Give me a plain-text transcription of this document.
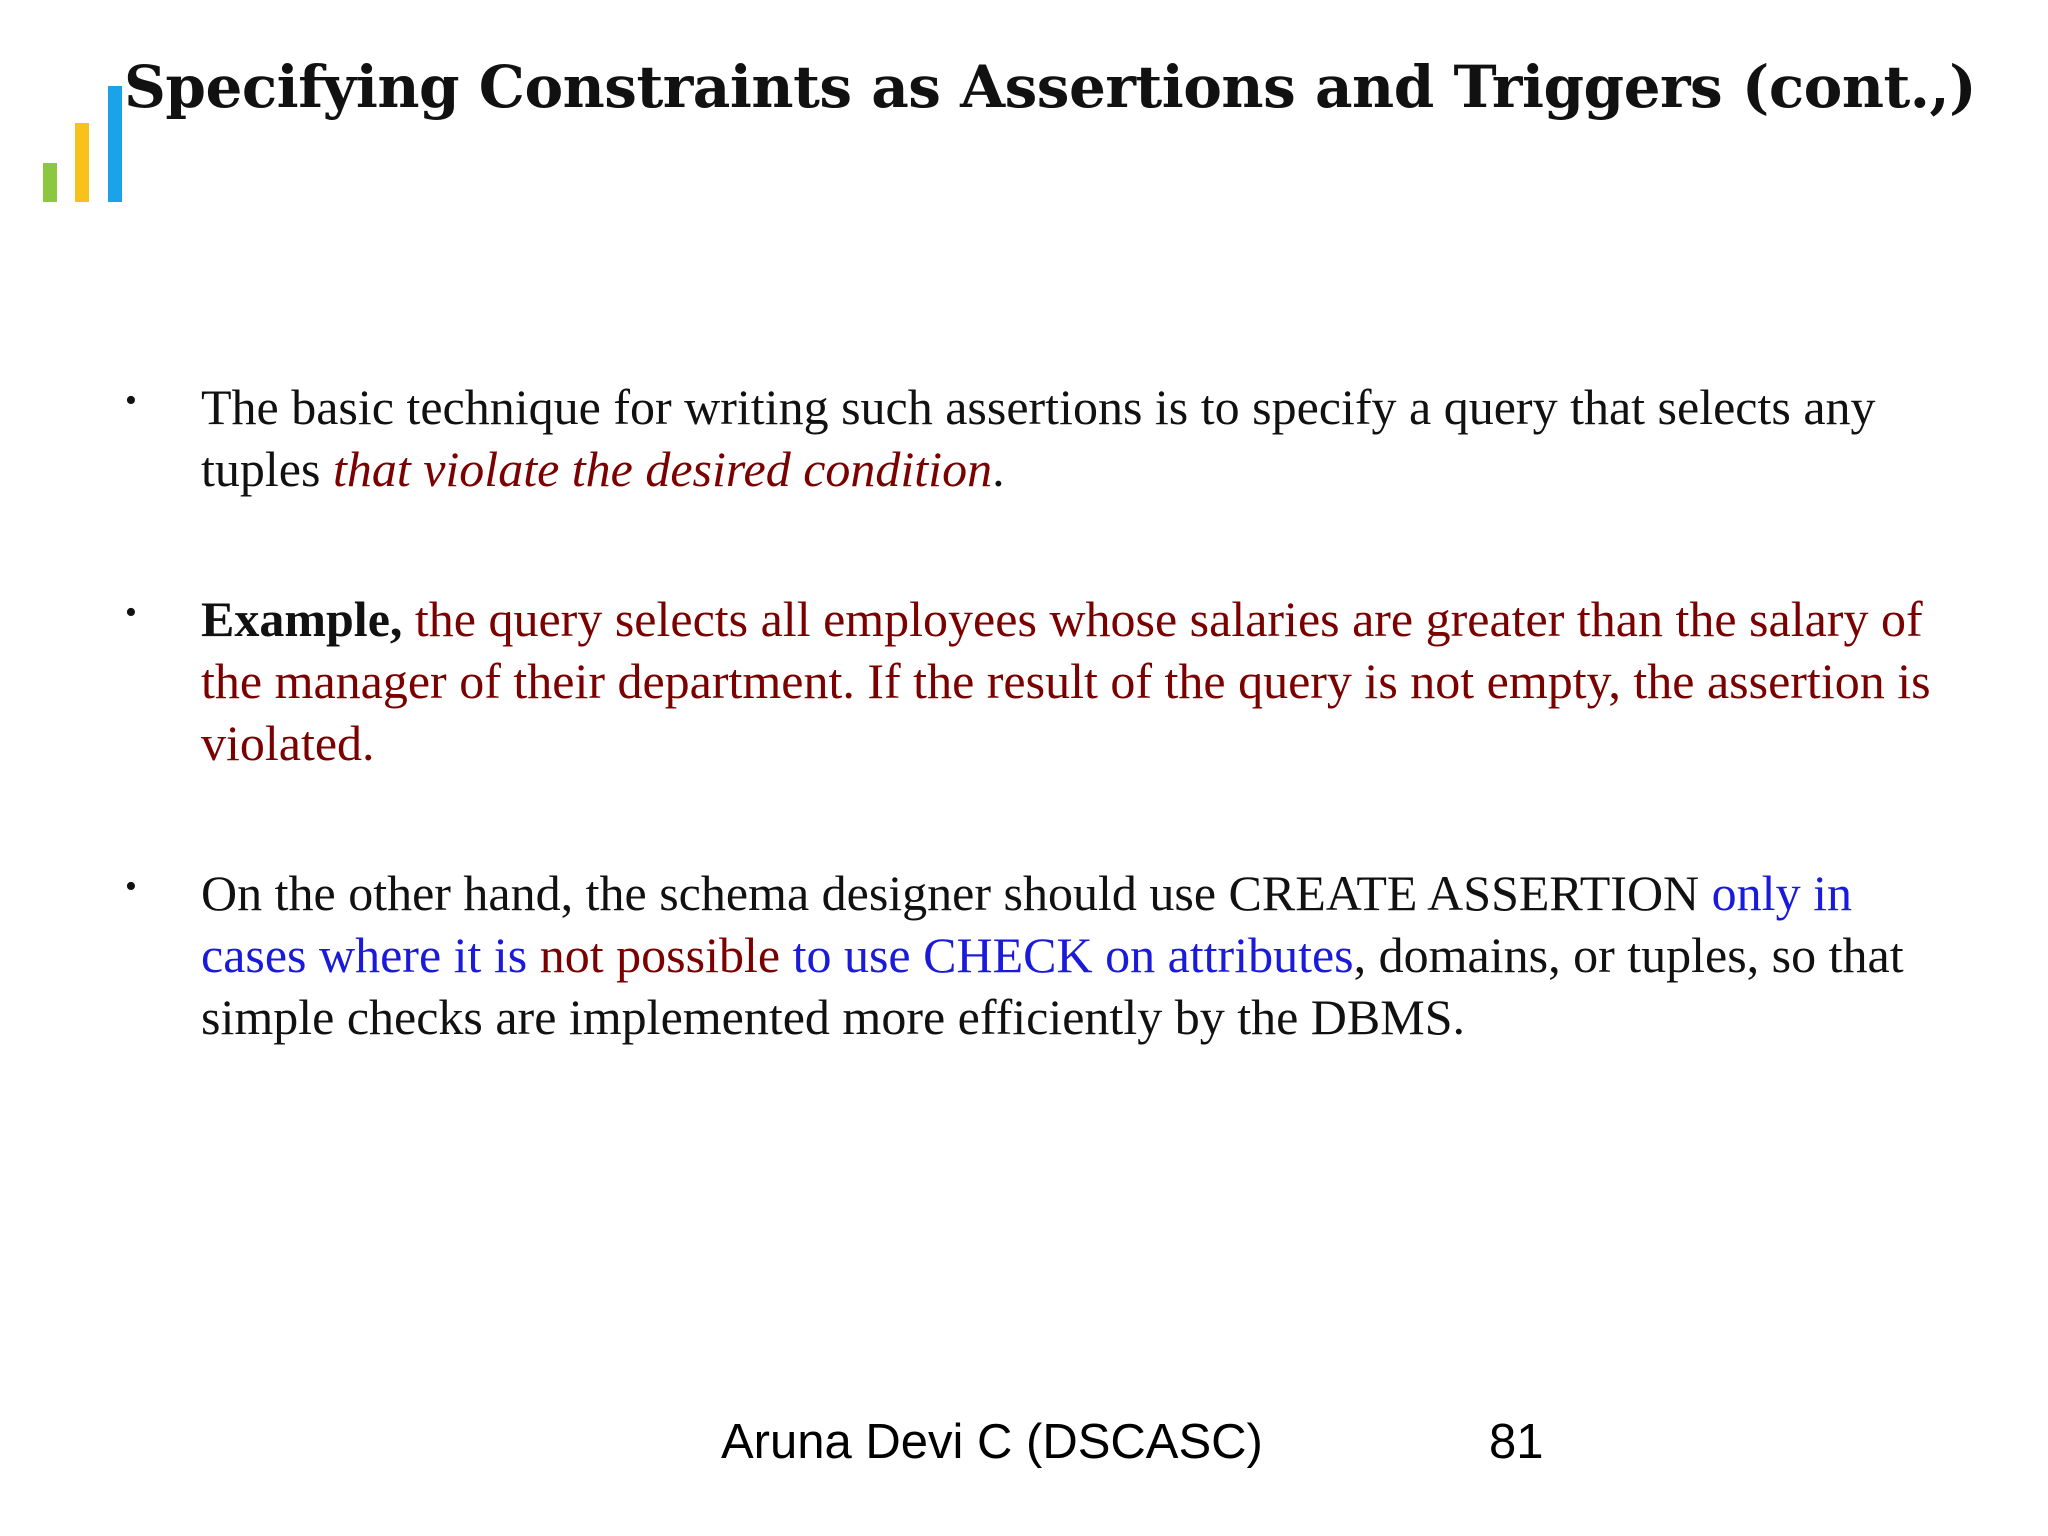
Specifying Constraints as Assertions and Triggers (cont.,)
• The basic technique for writing such assertions is to specify a query that selects any tuples that violate the desired condition.
• Example, the query selects all employees whose salaries are greater than the salary of the manager of their department. If the result of the query is not empty, the assertion is violated.
• On the other hand, the schema designer should use CREATE ASSERTION only in cases where it is not possible to use CHECK on attributes, domains, or tuples, so that simple checks are implemented more efficiently by the DBMS.
Aruna Devi C (DSCASC)	81
